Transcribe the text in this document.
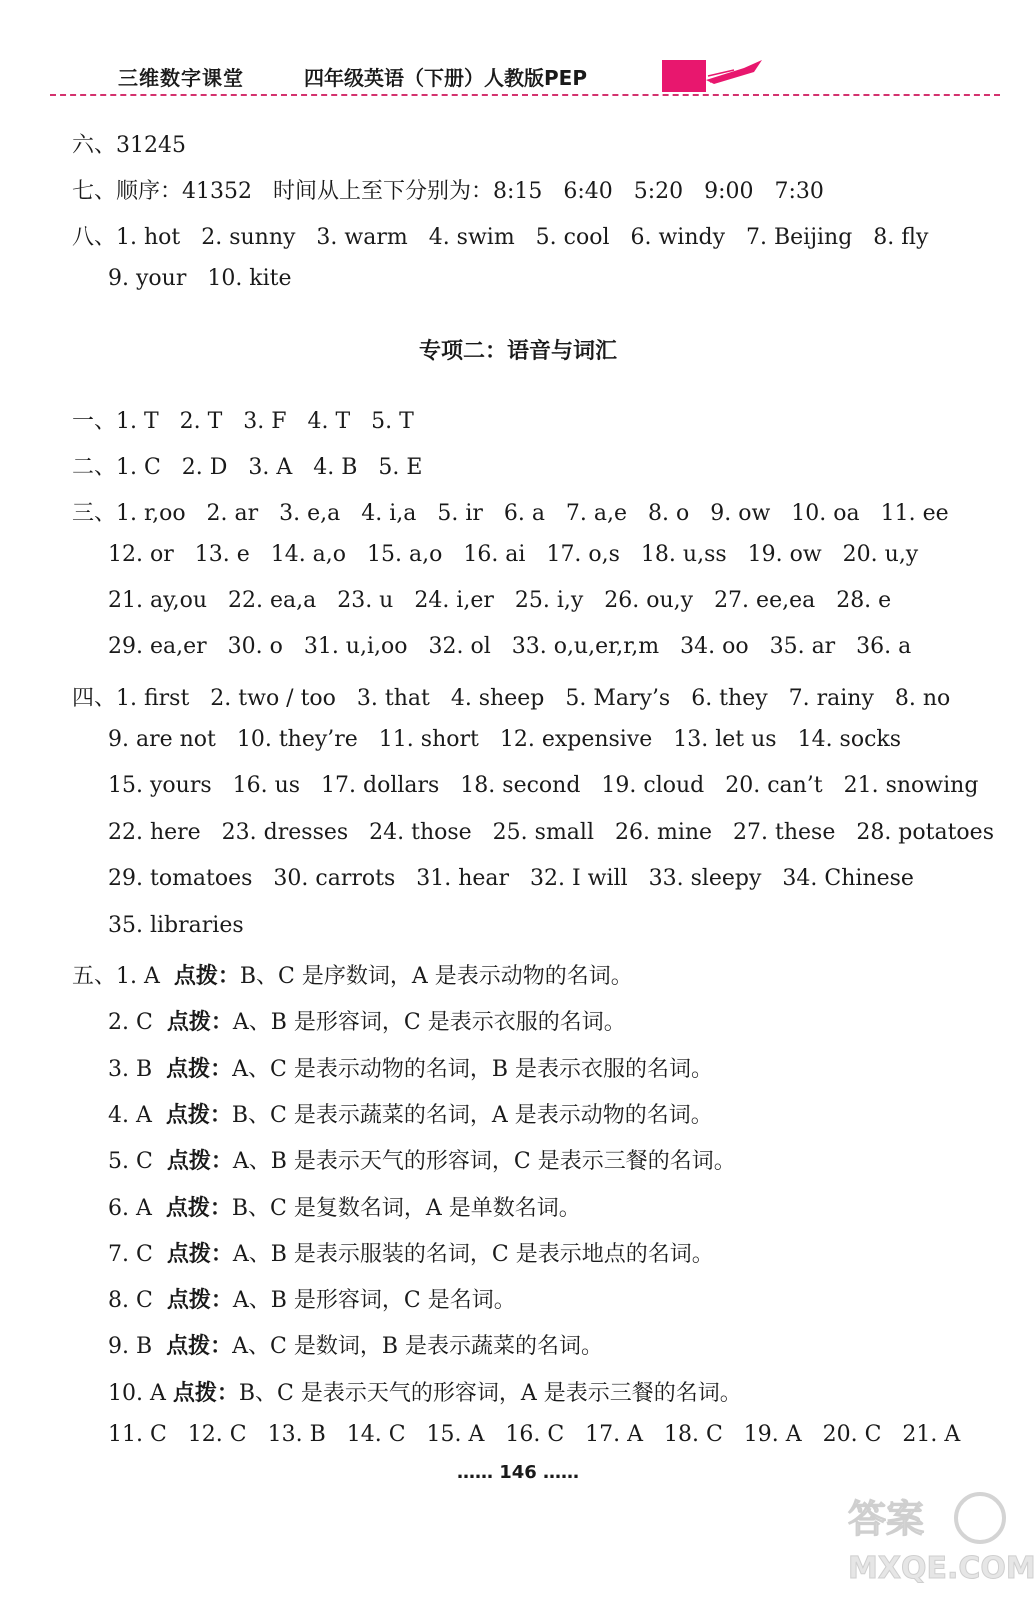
三维数字课堂	四年级英语（下册）人教版PEP
专项二：语音与词汇
六、31245
七、顺序：41352   时间从上至下分别为：8:15   6:40   5:20   9:00   7:30
八、1. hot   2. sunny   3. warm   4. swim   5. cool   6. windy   7. Beijing   8. fly
9. your   10. kite
一、1. T   2. T   3. F   4. T   5. T
二、1. C   2. D   3. A   4. B   5. E
三、1. r,oo   2. ar   3. e,a   4. i,a   5. ir   6. a   7. a,e   8. o   9. ow   10. oa   11. ee
12. or   13. e   14. a,o   15. a,o   16. ai   17. o,s   18. u,ss   19. ow   20. u,y
21. ay,ou   22. ea,a   23. u   24. i,er   25. i,y   26. ou,y   27. ee,ea   28. e
29. ea,er   30. o   31. u,i,oo   32. ol   33. o,u,er,r,m   34. oo   35. ar   36. a
四、1. first   2. two / too   3. that   4. sheep   5. Mary’s   6. they   7. rainy   8. no
9. are not   10. they’re   11. short   12. expensive   13. let us   14. socks
15. yours   16. us   17. dollars   18. second   19. cloud   20. can’t   21. snowing
22. here   23. dresses   24. those   25. small   26. mine   27. these   28. potatoes
29. tomatoes   30. carrots   31. hear   32. I will   33. sleepy   34. Chinese
35. libraries
五、1. A  点拨：B、C 是序数词，A 是表示动物的名词。
2. C  点拨：A、B 是形容词，C 是表示衣服的名词。
3. B  点拨：A、C 是表示动物的名词，B 是表示衣服的名词。
4. A  点拨：B、C 是表示蔬菜的名词，A 是表示动物的名词。
5. C  点拨：A、B 是表示天气的形容词，C 是表示三餐的名词。
6. A  点拨：B、C 是复数名词，A 是单数名词。
7. C  点拨：A、B 是表示服装的名词，C 是表示地点的名词。
8. C  点拨：A、B 是形容词，C 是名词。
9. B  点拨：A、C 是数词，B 是表示蔬菜的名词。
10. A 点拨：B、C 是表示天气的形容词，A 是表示三餐的名词。
11. C   12. C   13. B   14. C   15. A   16. C   17. A   18. C   19. A   20. C   21. A
…… 146 ……
答案
MXQE.COM
